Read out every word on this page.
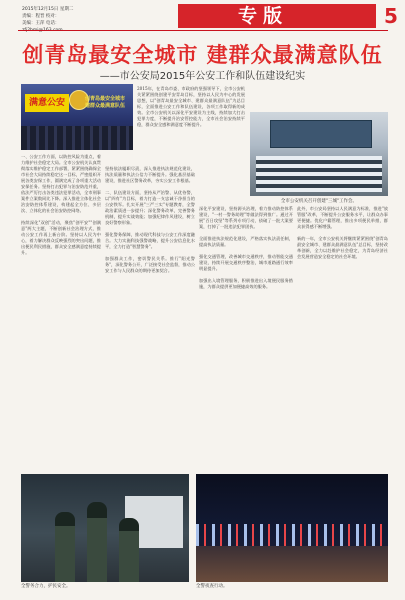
2015年12月15日 星期二
责编：程晋 校对：
美编：王萍 电话：	专版	5
创青岛最安全城市 建群众最满意队伍
——市公安局2015年公安工作和队伍建设纪实
满意公安	创青岛最安全城市
建群众最满意队伍
全市公安机关召开创建"三城"工作会。
2015年，在青岛市委、市政府的坚强领导下，全市公安机关紧紧围绕创建平安青岛目标，坚持以人民为中心的发展思想，以"创青岛最安全城市、建群众最满意队伍"为总目标，全面推进公安工作和队伍建设，各项工作取得新的成效。全市公安机关以深化平安建设为主线，持续加大打击犯罪力度，不断提升治安管控能力，全市社会治安持续平稳，群众安全感和满意度不断提升。
一、公安工作方面，以防控风险为重点，着力维护社会稳定大局。全市公安机关认真贯彻落实维护稳定工作部署，紧紧围绕确保全市社会大局持续稳定这一目标，严密组织开展各类安保工作，圆满完成了各项重大活动安保任务。坚持打击犯罪与治安防范并重，依法严厉打击各类违法犯罪活动，全市刑事案件立案数同比下降。深入推进立体化社会治安防控体系建设，构建起全方位、多层次、立体化的社会治安防控网络。

持续深化"双创"活动，聚焦"创平安""创满意"两大主题，不断创新社会治理方式，推动公安工作再上新台阶。坚持以人民为中心，着力解决群众反映强烈的突出问题，推出便民利民措施，群众安全感满意度持续提升。
坚持依法履职尽责，深入推进执法规范化建设，执法质量和执法公信力不断提升。强化基层基础建设，推进社区警务改革，夯实公安工作根基。

二、队伍建设方面，坚持从严治警、从优待警，以"四有"为目标，着力打造一支忠诚干净担当的公安铁军。扎实开展"三严三实"专题教育，全警政治素质进一步提升；深化警务改革，完善警务机制，提升实战效能；加强纪律作风建设，树立良好警察形象。

强化警务保障，推动现代科技与公安工作深度融合。大力实施科技强警战略，提升公安信息化水平，全力打造"智慧警务"。

加强群众工作，密切警民关系。推行"阳光警务"，深化警务公开，广泛接受社会监督，推动公安工作与人民群众的期待更加契合。
深化平安建设，坚持源头治理，着力推动防控体系建设，"一村一警务助理"等做法得到推广。通过开展"百日攻坚"等系列专项行动，侦破了一批大案要案，打掉了一批违法犯罪团伙。

全面推进执法规范化建设，严格落实执法责任制，提高执法质量。

强化交通管理，改善城市交通秩序，推动智能交通建设，持续开展交通秩序整治，城市道路通行效率明显提升。

加强出入境管理服务，积极推进出入境便民服务措施，为群众提供更加便捷高效的服务。
此外，市公安局坚持以人民满意为标准，推进"放管服"改革，不断提升公安服务水平，让群众办事更便捷。优化户籍管理，推出多项便民举措，群众获得感不断增强。

新的一年，全市公安机关将继续紧紧围绕"创青岛最安全城市、建群众最满意队伍"总目标，坚持改革创新，全力以赴维护社会稳定，为青岛经济社会发展营造安全稳定的社会环境。
全警务合力，护民安全。	全警夜查行动。
